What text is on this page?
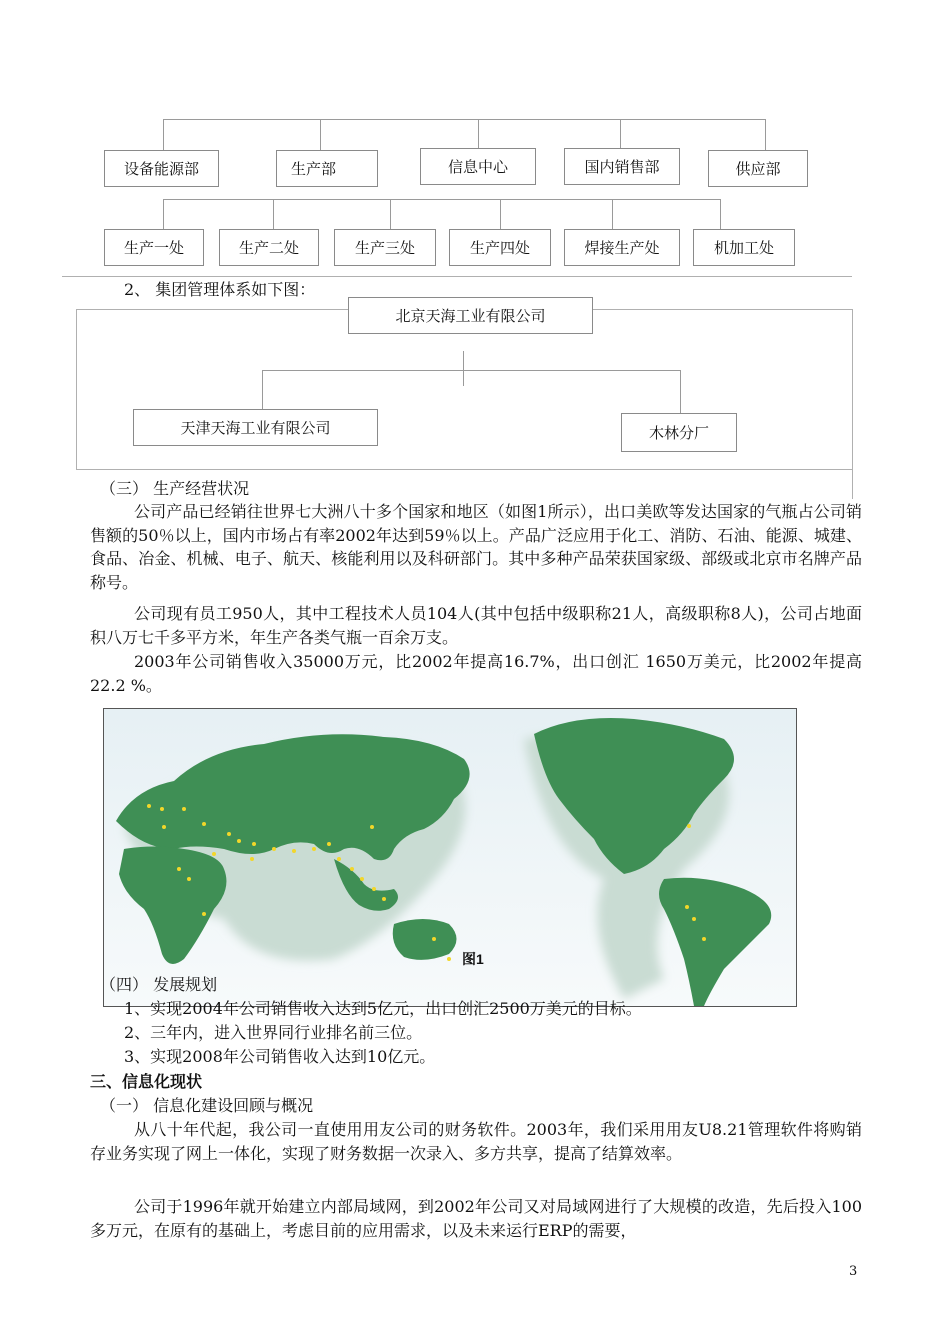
设备能源部	生产部	信息中心	国内销售部	供应部
生产一处	生产二处	生产三处	生产四处	焊接生产处	机加工处
2、 集团管理体系如下图：
北京天海工业有限公司
天津天海工业有限公司	木林分厂
（三） 生产经营状况
公司产品已经销往世界七大洲八十多个国家和地区（如图1所示），出口美欧等发达国家的气瓶占公司销售额的50％以上，国内市场占有率2002年达到59％以上。产品广泛应用于化工、消防、石油、能源、城建、食品、冶金、机械、电子、航天、核能利用以及科研部门。其中多种产品荣获国家级、部级或北京市名牌产品称号。
公司现有员工950人，其中工程技术人员104人(其中包括中级职称21人，高级职称8人)，公司占地面积八万七千多平方米，年生产各类气瓶一百余万支。
2003年公司销售收入35000万元，比2002年提高16.7%，出口创汇 1650万美元，比2002年提高 22.2 %。
图1
（四） 发展规划
1、实现2004年公司销售收入达到5亿元，出口创汇2500万美元的目标。
2、三年内，进入世界同行业排名前三位。
3、实现2008年公司销售收入达到10亿元。
三、信息化现状
（一） 信息化建设回顾与概况
从八十年代起，我公司一直使用用友公司的财务软件。2003年，我们采用用友U8.21管理软件将购销存业务实现了网上一体化，实现了财务数据一次录入、多方共享，提高了结算效率。
公司于1996年就开始建立内部局域网，到2002年公司又对局域网进行了大规模的改造，先后投入100多万元，在原有的基础上，考虑目前的应用需求，以及未来运行ERP的需要，
3
